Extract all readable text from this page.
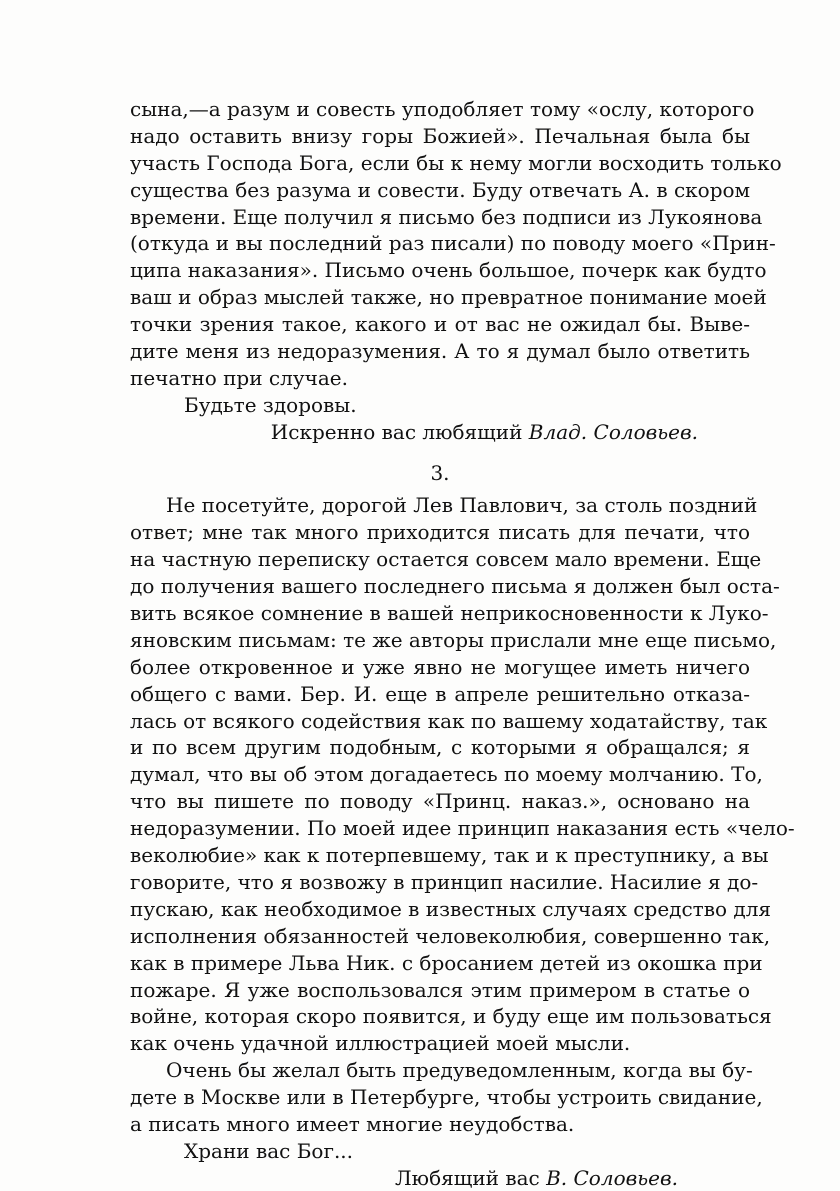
сына,—а разум и совесть уподобляет тому «ослу, которого
надо оставить внизу горы Божией». Печальная была бы
участь Господа Бога, если бы к нему могли восходить только
существа без разума и совести. Буду отвечать А. в скором
времени. Еще получил я письмо без подписи из Лукоянова
(откуда и вы последний раз писали) по поводу моего «Прин-
ципа наказания». Письмо очень большое, почерк как будто
ваш и образ мыслей также, но превратное понимание моей
точки зрения такое, какого и от вас не ожидал бы. Выве-
дите меня из недоразумения. А то я думал было ответить
печатно при случае.
Будьте здоровы.
Искренно вас любящий Влад. Соловьев.
3.
Не посетуйте, дорогой Лев Павлович, за столь поздний
ответ; мне так много приходится писать для печати, что
на частную переписку остается совсем мало времени. Еще
до получения вашего последнего письма я должен был оста-
вить всякое сомнение в вашей неприкосновенности к Луко-
яновским письмам: те же авторы прислали мне еще письмо,
более откровенное и уже явно не могущее иметь ничего
общего с вами. Бер. И. еще в апреле решительно отказа-
лась от всякого содействия как по вашему ходатайству, так
и по всем другим подобным, с которыми я обращался; я
думал, что вы об этом догадаетесь по моему молчанию. То,
что вы пишете по поводу «Принц. наказ.», основано на
недоразумении. По моей идее принцип наказания есть «чело-
веколюбие» как к потерпевшему, так и к преступнику, а вы
говорите, что я возвожу в принцип насилие. Насилие я до-
пускаю, как необходимое в известных случаях средство для
исполнения обязанностей человеколюбия, совершенно так,
как в примере Льва Ник. с бросанием детей из окошка при
пожаре. Я уже воспользовался этим примером в статье о
войне, которая скоро появится, и буду еще им пользоваться
как очень удачной иллюстрацией моей мысли.
Очень бы желал быть предуведомленным, когда вы бу-
дете в Москве или в Петербурге, чтобы устроить свидание,
а писать много имеет многие неудобства.
Храни вас Бог...
Любящий вас В. Соловьев.
